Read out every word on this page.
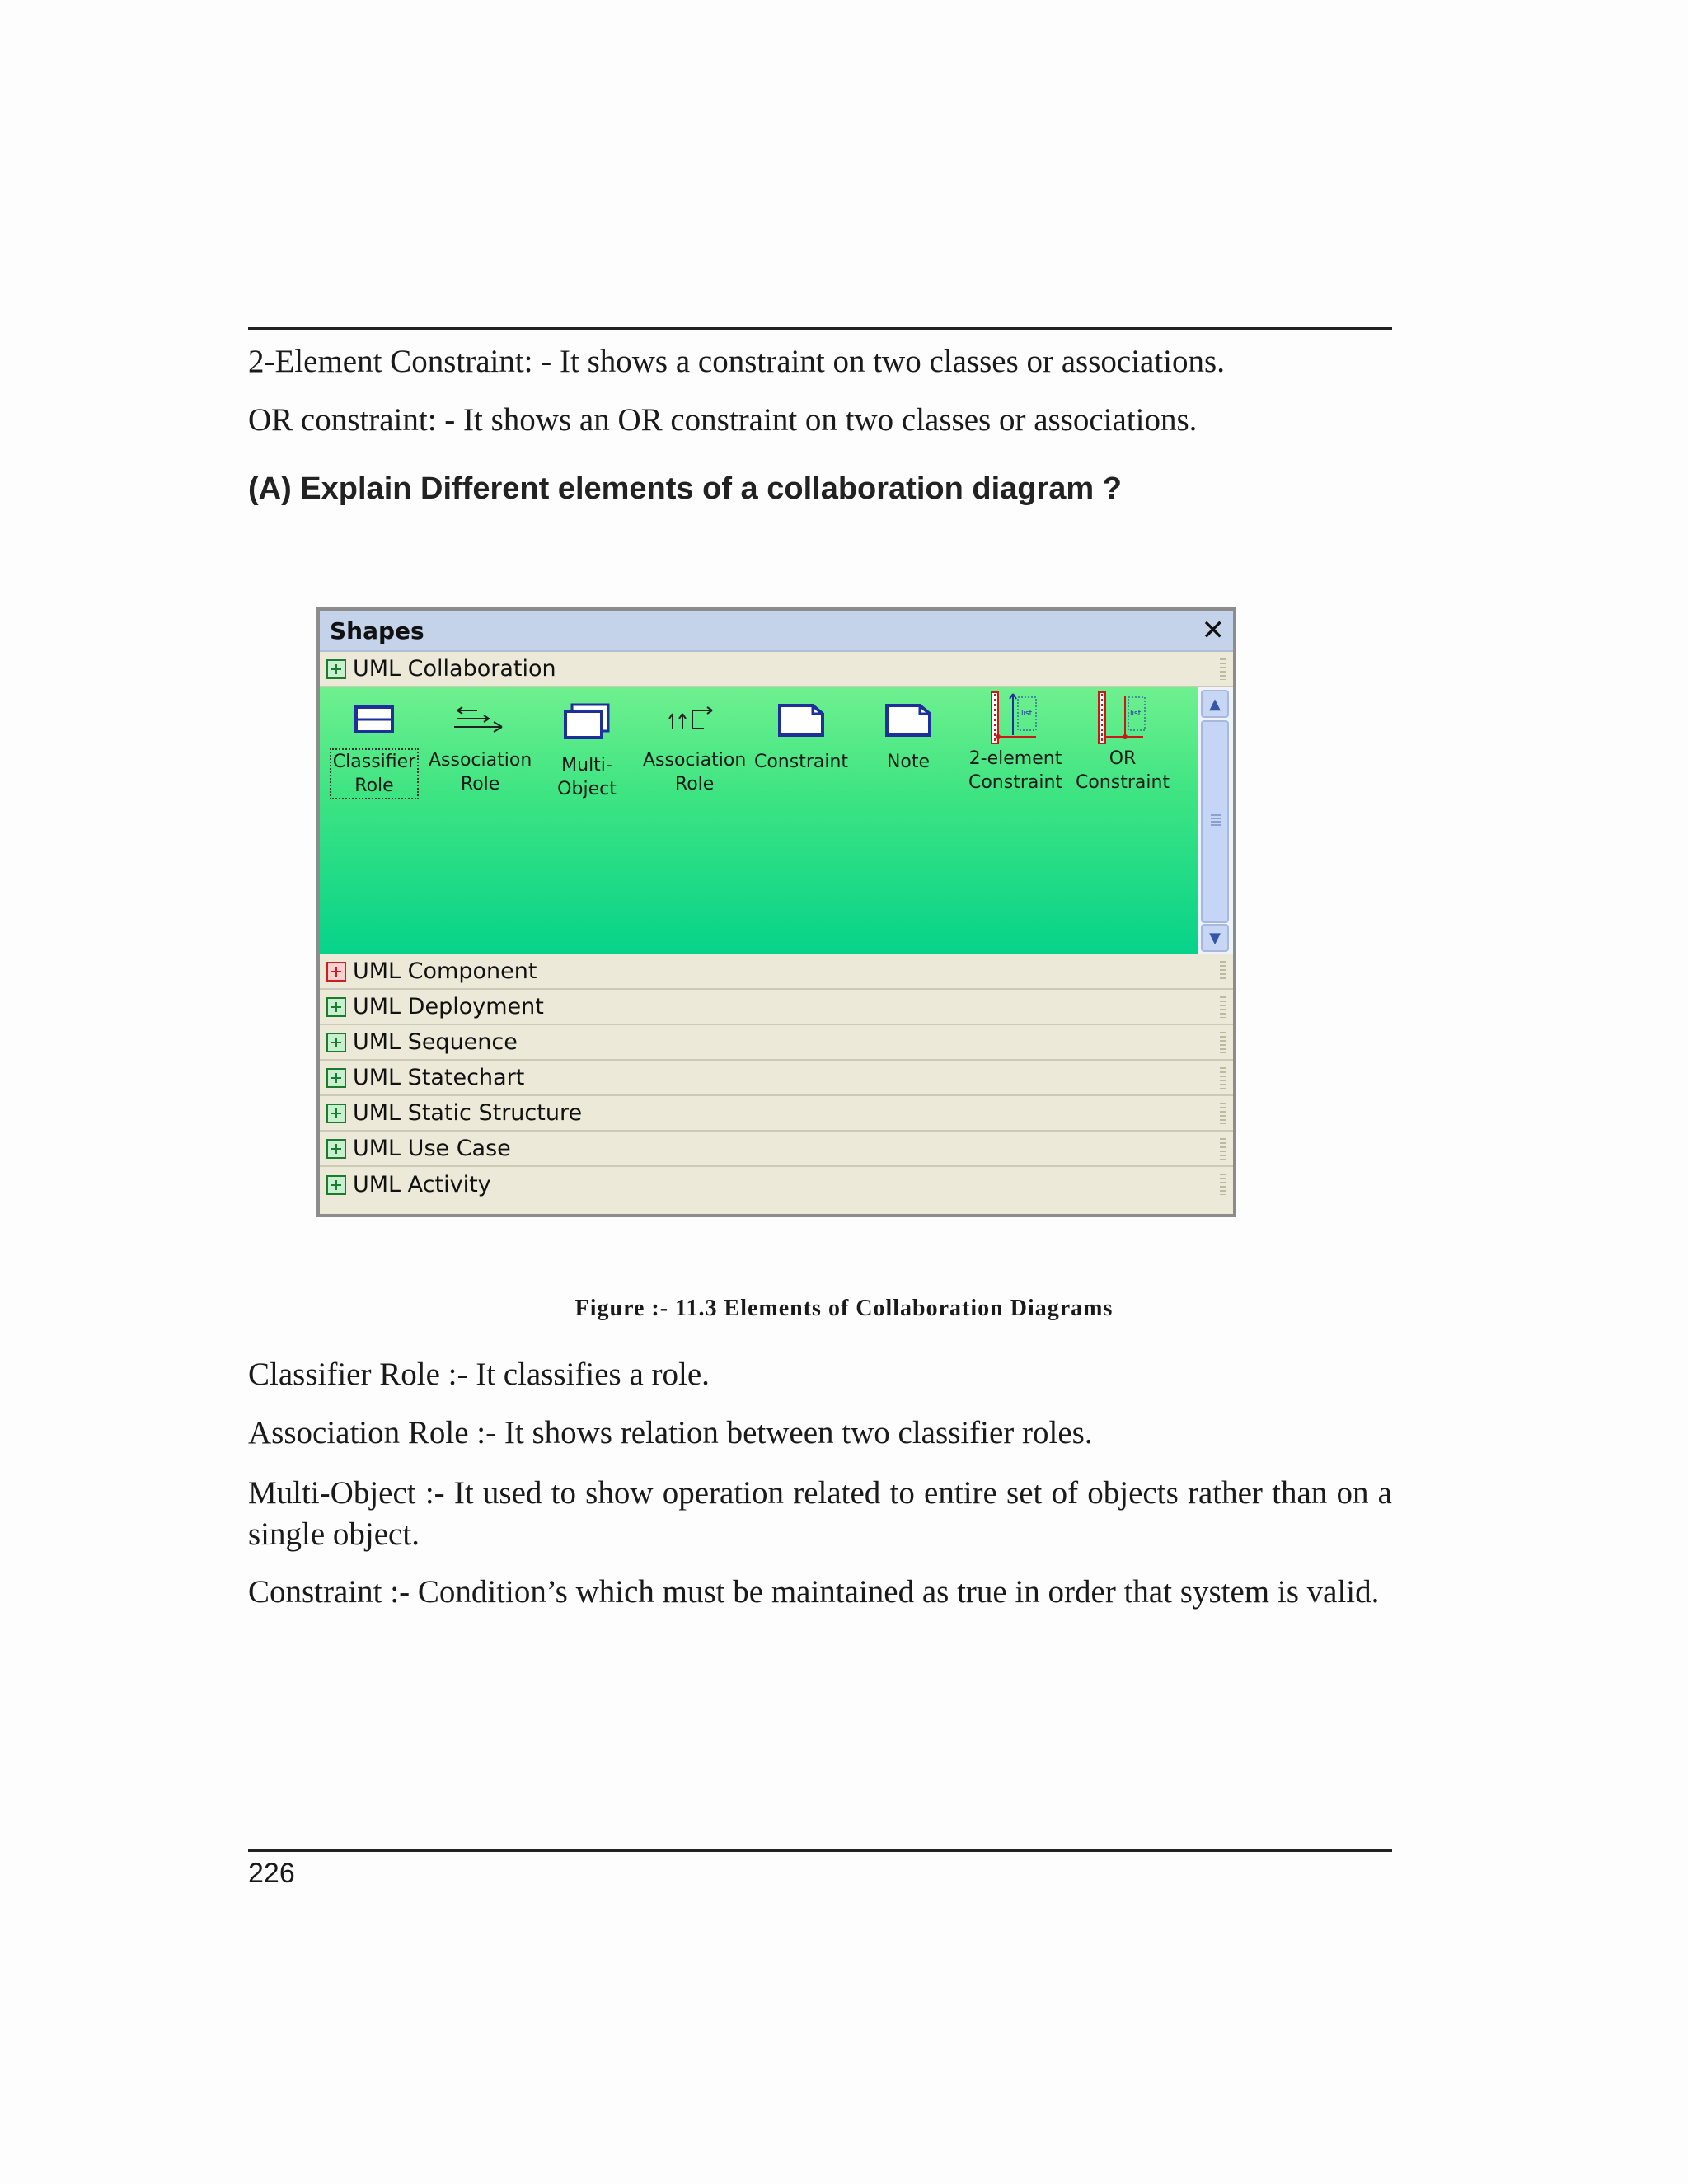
2-Element Constraint: - It shows a constraint on two classes or associations.

OR constraint: - It shows an OR constraint on two classes or associations.

(A) Explain Different elements of a collaboration diagram ?
Shapes	✕
UML Collaboration
Classifier
Role
Association
Role
Multi-Object

Association
Role
Constraint	Note

list
2-element
Constraint
list
OR
Constraint
▲
▼
UML Component
UML Deployment
UML Sequence
UML Statechart
UML Static Structure
UML Use Case
UML Activity
Figure :- 11.3 Elements of Collaboration Diagrams

Classifier Role :- It classifies a role.

Association Role :- It shows relation between two classifier roles.

Multi-Object :- It used to show operation related to entire set of objects rather than on a single object.

Constraint :- Condition’s which must be maintained as true in order that system is valid.

226
